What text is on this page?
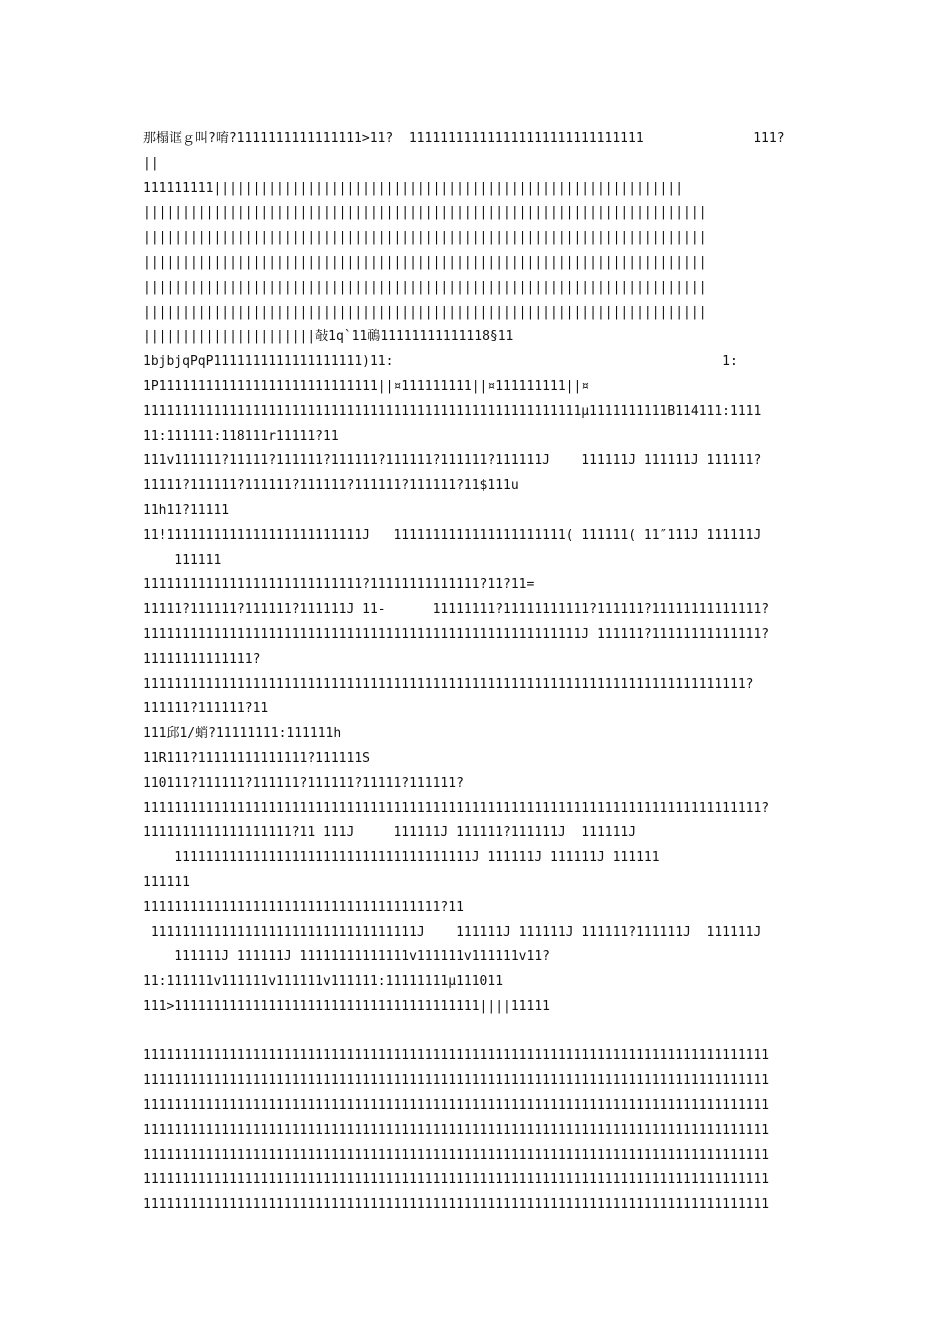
那榻诓ｇ叫?唷?1111111111111111>11?  111111111111111111111111111111              111?
||
111111111||||||||||||||||||||||||||||||||||||||||||||||||||||||||||||
||||||||||||||||||||||||||||||||||||||||||||||||||||||||||||||||||||||||
||||||||||||||||||||||||||||||||||||||||||||||||||||||||||||||||||||||||
||||||||||||||||||||||||||||||||||||||||||||||||||||||||||||||||||||||||
||||||||||||||||||||||||||||||||||||||||||||||||||||||||||||||||||||||||
||||||||||||||||||||||||||||||||||||||||||||||||||||||||||||||||||||||||
||||||||||||||||||||||敧1q`11鳾11111111111118§11
1bjbjqPqP1111111111111111111)11:                                          1:
1P1111111111111111111111111111||¤111111111||¤111111111||¤
11111111111111111111111111111111111111111111111111111111µ1111111111B114111:1111
11:111111:118111r11111?11
111v111111?11111?111111?111111?111111?111111?111111J    111111J 111111J 111111?
11111?111111?111111?111111?111111?111111?11$111u
11h11?11111
11!1111111111111111111111111J   1111111111111111111111( 111111( 11″111J 111111J
111111
1111111111111111111111111111?11111111111111?11?11=
11111?111111?111111?111111J 11-      11111111?11111111111?111111?11111111111111?
11111111111111111111111111111111111111111111111111111111J 111111?11111111111111?
11111111111111?
11111111111111111111111111111111111111111111111111111111111111111111111111111?
111111?111111?11
111邱1/蛸?11111111:111111h
11R111?11111111111111?111111S
110111?111111?111111?111111?11111?111111?
1111111111111111111111111111111111111111111111111111111111111111111111111111111?
1111111111111111111?11 111J     111111J 111111?111111J  111111J
11111111111111111111111111111111111111J 111111J 111111J 111111
111111
11111111111111111111111111111111111111?11
1111111111111111111111111111111111J    111111J 111111J 111111?111111J  111111J
111111J 111111J 11111111111111v111111v111111v11?
11:111111v111111v111111v111111:11111111µ111011
111>111111111111111111111111111111111111111||||11111
11111111111111111111111111111111111111111111111111111111111111111111111111111111
11111111111111111111111111111111111111111111111111111111111111111111111111111111
11111111111111111111111111111111111111111111111111111111111111111111111111111111
11111111111111111111111111111111111111111111111111111111111111111111111111111111
11111111111111111111111111111111111111111111111111111111111111111111111111111111
11111111111111111111111111111111111111111111111111111111111111111111111111111111
11111111111111111111111111111111111111111111111111111111111111111111111111111111
